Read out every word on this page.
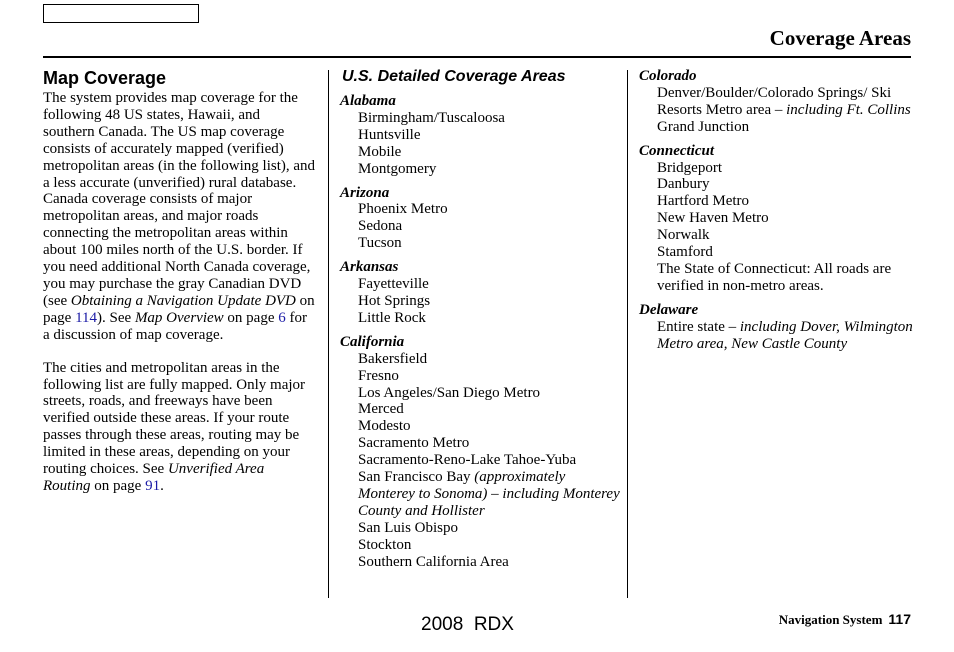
Coverage Areas
Map Coverage

The system provides map coverage for the following 48 US states, Hawaii, and southern Canada. The US map coverage consists of accurately mapped (verified) metropolitan areas (in the following list), and a less accurate (unverified) rural database. Canada coverage consists of major metropolitan areas, and major roads connecting the metropolitan areas within about 100 miles north of the U.S. border. If you need additional North Canada coverage, you may purchase the gray Canadian DVD (see Obtaining a Navigation Update DVD on page 114). See Map Overview on page 6 for a discussion of map coverage.

The cities and metropolitan areas in the following list are fully mapped. Only major streets, roads, and freeways have been verified outside these areas. If your route passes through these areas, routing may be limited in these areas, depending on your routing choices. See Unverified Area Routing on page 91.

U.S. Detailed Coverage Areas

Alabama

Birmingham/Tuscaloosa
Huntsville
Mobile
Montgomery

Arizona

Phoenix Metro
Sedona
Tucson

Arkansas

Fayetteville
Hot Springs
Little Rock

California

Bakersfield
Fresno
Los Angeles/San Diego Metro
Merced
Modesto
Sacramento Metro
Sacramento-Reno-Lake Tahoe-Yuba
San Francisco Bay (approximately Monterey to Sonoma) – including Monterey County and Hollister
San Luis Obispo
Stockton
Southern California Area

Colorado

Denver/Boulder/Colorado Springs/ Ski Resorts Metro area – including Ft. Collins
Grand Junction

Connecticut

Bridgeport
Danbury
Hartford Metro
New Haven Metro
Norwalk
Stamford
The State of Connecticut: All roads are verified in non-metro areas.

Delaware

Entire state – including Dover, Wilmington Metro area, New Castle County
2008  RDX	Navigation System 117
